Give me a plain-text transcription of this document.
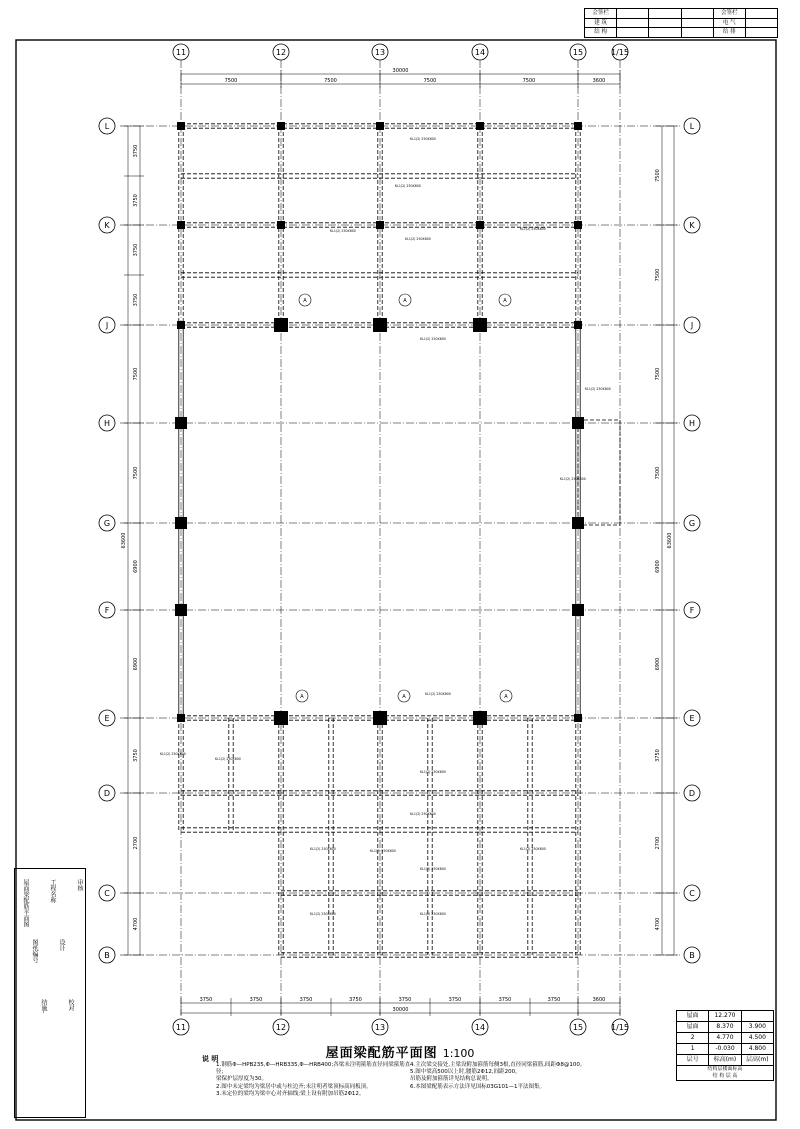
11	12	13	14	15	1/15
11	12	13	14	15	1/15
L	L
K	K
J	J
H	H
G	G
F	F
E	E
D	D
C	C
B	B
A	A	A
A	A	A
7500	7500	7500	7500	3600
30000
3750	3750	3750	3750	3750	3750	3750	3750	3600
30000
3750
3750
3750
3750
7500
7500
6900
6900
3750
2700
4700
63600
7500
7500
7500
7500
6900
6900
3750
2700
4700
63600
KL1(2) 250X600
KL1(2) 250X600
KL1(2) 250X600
KL1(2) 250X600
KL1(2) 250X600
KL1(2) 250X600
KL1(2) 250X600
KL1(2) 250X600
KL1(2) 250X600
KL1(2) 250X600
KL1(2) 250X600	KL1(2) 250X600
KL1(2) 250X600
KL1(2) 250X600
KL1(2) 250X600
KL1(2) 250X600
KL1(2) 250X600	KL1(2) 250X600
KL1(2) 250X600
会签栏	会签栏
建 筑	电 气
结 构	给 排
屋面梁配筋平面图
图纸编号
结施-
工程名称
设计
校对
审核
屋面梁配筋平面图 1:100
说 明
1.钢筋Φ—HPB235,Φ—HRB335,Φ—HRB400;各梁未注明箍筋直径同梁箍筋直径;
梁保护层厚度为30。
2.图中未定梁均为梁居中或与柱边齐;未注明者梁顶标高同板顶。
3.未定位的梁均为梁中心对齐轴线;梁上设有附加吊筋2Φ12。
4.主次梁交接处,主梁设附加箍筋每侧3根,直径同梁箍筋,间距Φ8@100。
5.图中梁高500以上时,腰筋2Φ12,间距200。
吊筋及附加箍筋详见结构总说明。
6.本图梁配筋表示方法详见国标03G101—1平法图集。
屋面	12.270
屋面	8.370	3.900
2	4.770	4.500
1	-0.030	4.800
层号	标高(m)	层高(m)
结构层楼面标高
结 构 层 高
